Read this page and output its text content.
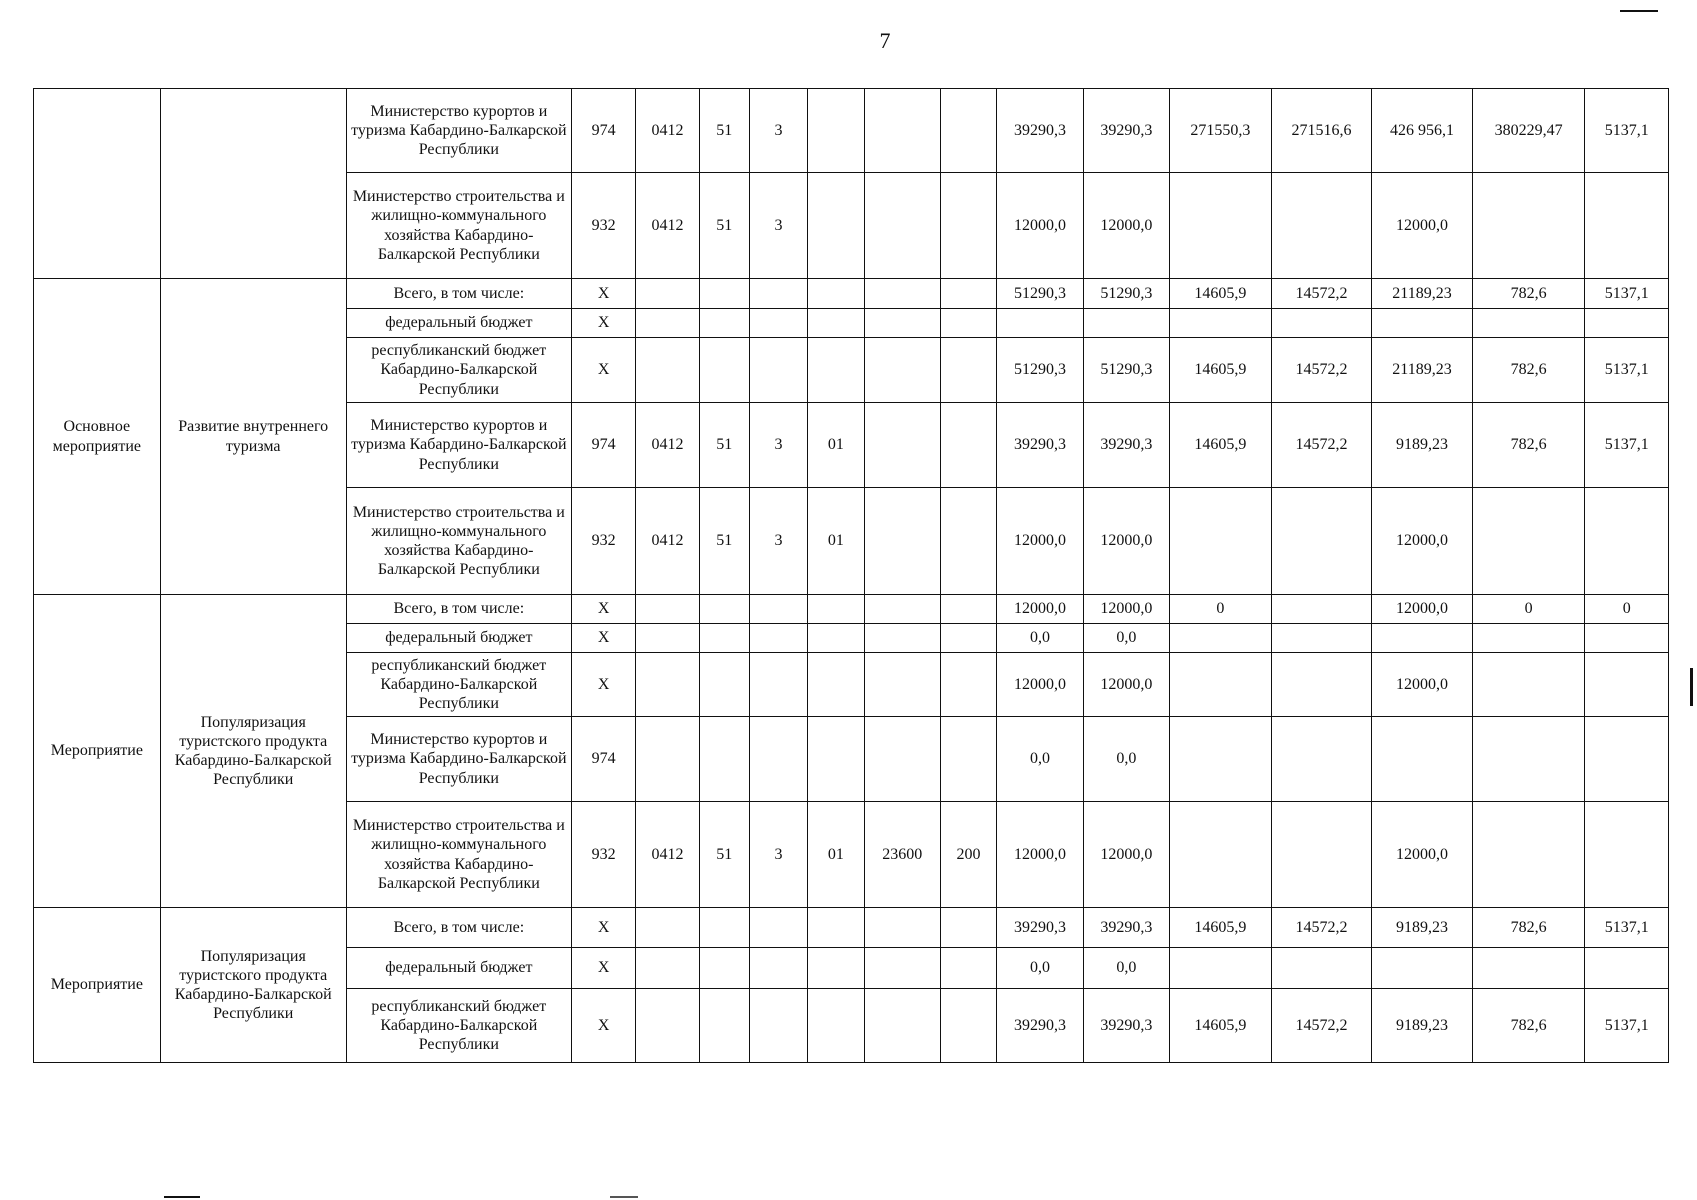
7
		Министерство курортов и туризма Кабардино-Балкарской Республики	974	0412	51	3				39290,3	39290,3	271550,3	271516,6	426 956,1	380229,47	5137,1
		Министерство строительства и жилищно-коммунального хозяйства Кабардино-Балкарской Республики	932	0412	51	3				12000,0	12000,0			12000,0		
Основное мероприятие	Развитие внутреннего туризма	Всего, в том числе:	X							51290,3	51290,3	14605,9	14572,2	21189,23	782,6	5137,1
		федеральный бюджет	X													
		республиканский бюджет Кабардино-Балкарской Республики	X							51290,3	51290,3	14605,9	14572,2	21189,23	782,6	5137,1
		Министерство курортов и туризма Кабардино-Балкарской Республики	974	0412	51	3	01			39290,3	39290,3	14605,9	14572,2	9189,23	782,6	5137,1
		Министерство строительства и жилищно-коммунального хозяйства Кабардино-Балкарской Республики	932	0412	51	3	01			12000,0	12000,0			12000,0		
Мероприятие	Популяризация туристского продукта Кабардино-Балкарской Республики	Всего, в том числе:	X							12000,0	12000,0	0		12000,0	0	0
		федеральный бюджет	X							0,0	0,0					
		республиканский бюджет Кабардино-Балкарской Республики	X							12000,0	12000,0			12000,0		
		Министерство курортов и туризма Кабардино-Балкарской Республики	974							0,0	0,0					
		Министерство строительства и жилищно-коммунального хозяйства Кабардино-Балкарской Республики	932	0412	51	3	01	23600	200	12000,0	12000,0			12000,0		
Мероприятие	Популяризация туристского продукта Кабардино-Балкарской Республики	Всего, в том числе:	X							39290,3	39290,3	14605,9	14572,2	9189,23	782,6	5137,1
		федеральный бюджет	X							0,0	0,0					
		республиканский бюджет Кабардино-Балкарской Республики	X							39290,3	39290,3	14605,9	14572,2	9189,23	782,6	5137,1
